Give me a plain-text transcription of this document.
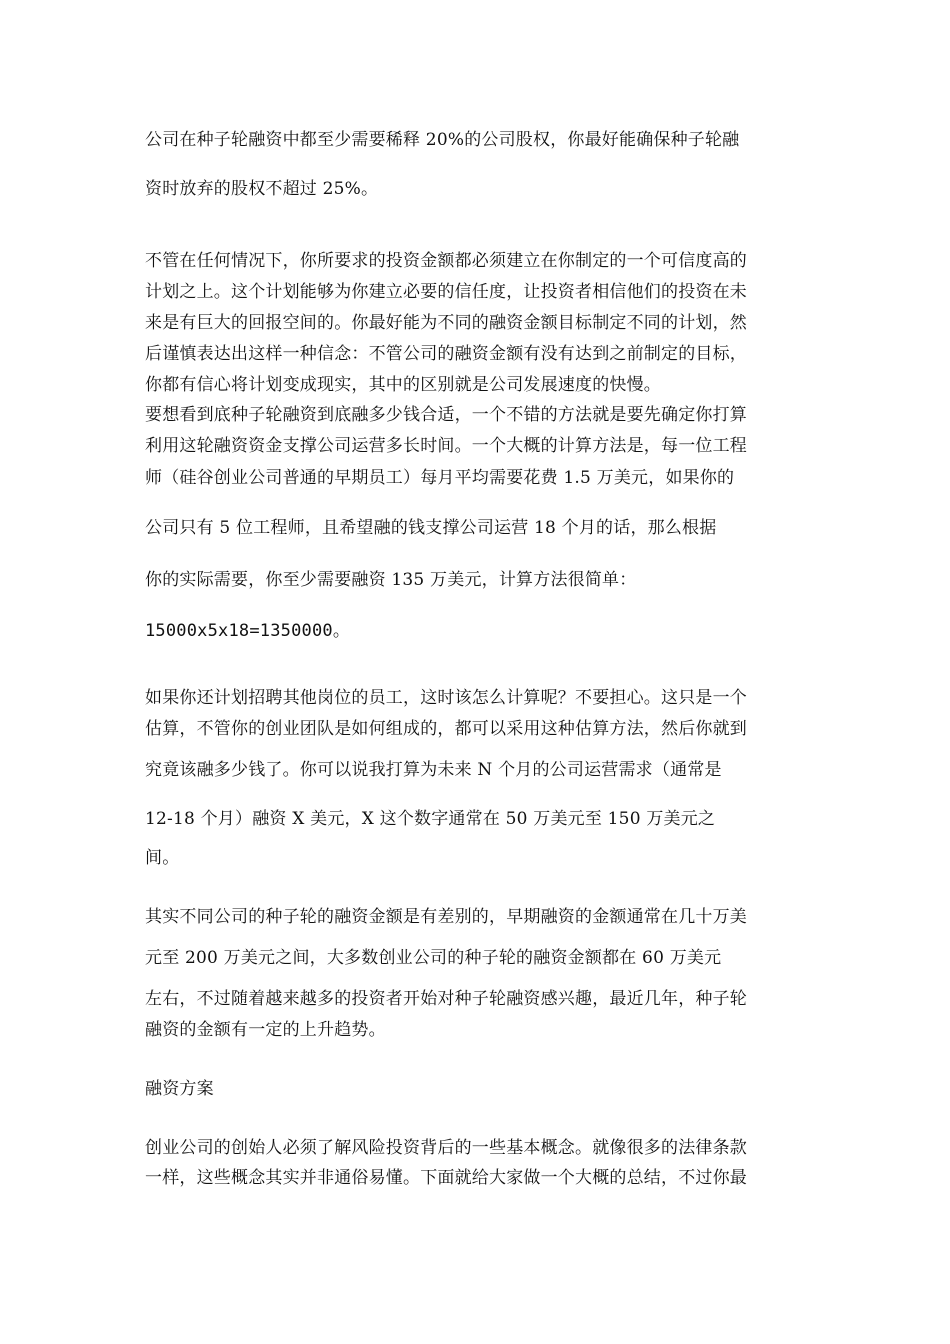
公司在种子轮融资中都至少需要稀释 20%的公司股权，你最好能确保种子轮融
资时放弃的股权不超过 25%。
不管在任何情况下，你所要求的投资金额都必须建立在你制定的一个可信度高的
计划之上。这个计划能够为你建立必要的信任度，让投资者相信他们的投资在未
来是有巨大的回报空间的。你最好能为不同的融资金额目标制定不同的计划，然
后谨慎表达出这样一种信念：不管公司的融资金额有没有达到之前制定的目标，
你都有信心将计划变成现实，其中的区别就是公司发展速度的快慢。
要想看到底种子轮融资到底融多少钱合适，一个不错的方法就是要先确定你打算
利用这轮融资资金支撑公司运营多长时间。一个大概的计算方法是，每一位工程
师（硅谷创业公司普通的早期员工）每月平均需要花费 1.5 万美元，如果你的
公司只有 5 位工程师，且希望融的钱支撑公司运营 18 个月的话，那么根据
你的实际需要，你至少需要融资 135 万美元，计算方法很简单：
15000x5x18=1350000。
如果你还计划招聘其他岗位的员工，这时该怎么计算呢？不要担心。这只是一个
估算，不管你的创业团队是如何组成的，都可以采用这种估算方法，然后你就到
究竟该融多少钱了。你可以说我打算为未来 N 个月的公司运营需求（通常是
12-18 个月）融资 X 美元，X 这个数字通常在 50 万美元至 150 万美元之
间。
其实不同公司的种子轮的融资金额是有差别的，早期融资的金额通常在几十万美
元至 200 万美元之间，大多数创业公司的种子轮的融资金额都在 60 万美元
左右，不过随着越来越多的投资者开始对种子轮融资感兴趣，最近几年，种子轮
融资的金额有一定的上升趋势。
融资方案
创业公司的创始人必须了解风险投资背后的一些基本概念。就像很多的法律条款
一样，这些概念其实并非通俗易懂。下面就给大家做一个大概的总结，不过你最
